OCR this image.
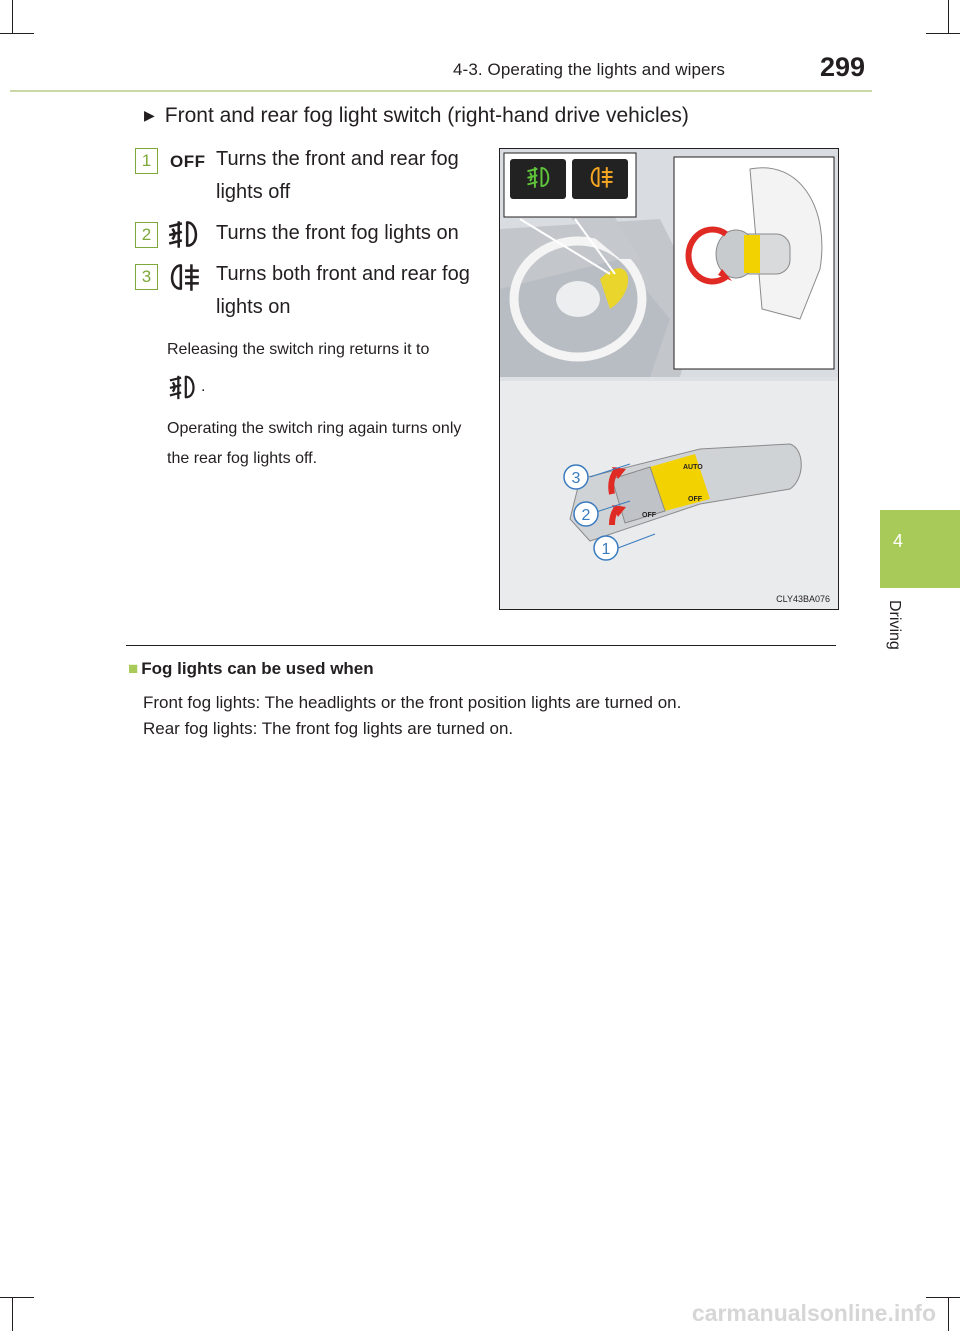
4-3. Operating the lights and wipers	299
4
Driving
▶ Front and rear fog light switch (right-hand drive vehicles)
1	OFF Turns the front and rear fog lights off
2	Turns the front fog lights on
3	Turns both front and rear fog lights on
Releasing the switch ring returns it to
.
Operating the switch ring again turns only the rear fog lights off.
AUTO
OFF
OFF
3
2
1
CLY43BA076
■ Fog lights can be used when
Front fog lights: The headlights or the front position lights are turned on.
Rear fog lights: The front fog lights are turned on.
carmanualsonline.info
